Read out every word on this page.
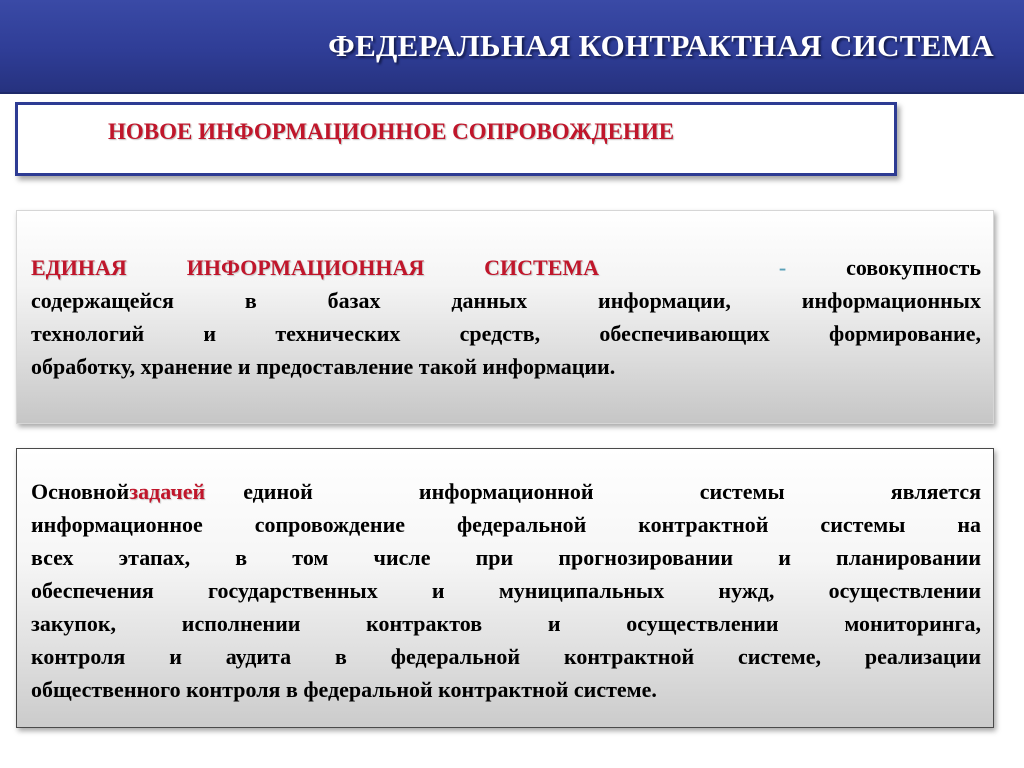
ФЕДЕРАЛЬНАЯ КОНТРАКТНАЯ СИСТЕМА
НОВОЕ ИНФОРМАЦИОННОЕ СОПРОВОЖДЕНИЕ
ЕДИНАЯ	ИНФОРМАЦИОННАЯ	СИСТЕМА	-	совокупность

содержащейся в базах данных информации, информационных

технологий и технических средств, обеспечивающих формирование,

обработку, хранение и предоставление такой информации.

Основной задачей единой информационной системы является

информационное сопровождение федеральной контрактной системы на

всех этапах, в том числе при прогнозировании и планировании

обеспечения государственных и муниципальных нужд, осуществлении

закупок, исполнении контрактов и осуществлении мониторинга,

контроля и аудита в федеральной контрактной системе, реализации

общественного контроля в федеральной контрактной системе.
